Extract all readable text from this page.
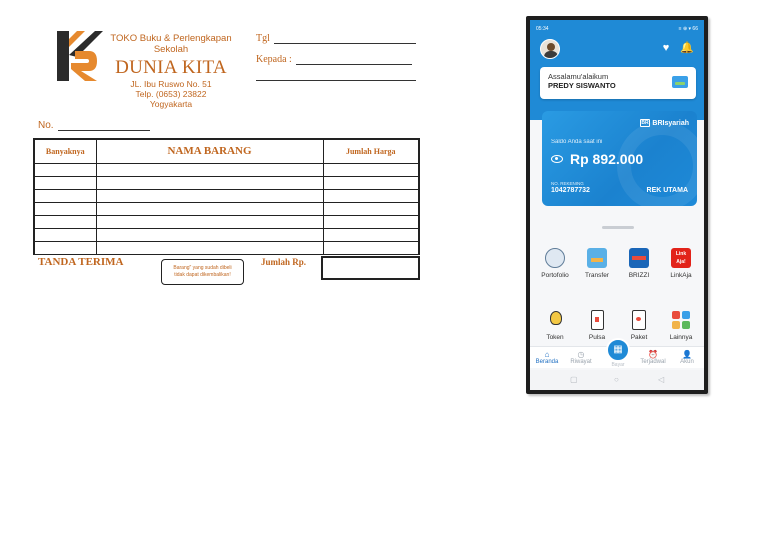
TOKO Buku & Perlengkapan
Sekolah
DUNIA KITA
JL. Ibu Ruswo No. 51
Telp. (0653) 23822
Yogyakarta
Tgl
Kepada :
No.
Banyaknya	NAMA BARANG	Jumlah Harga

TANDA TERIMA	Barang" yang sudah dibeli
tidak dapat dikembalikan!
Jumlah Rp.
05:34	≡ ⊕ ▾ 66
♥ 🔔
Assalamu'alaikum
PREDY SISWANTO
BRI BRIsyariah
Saldo Anda saat ini
Rp 892.000
NO. REKENING
1042787732	REK UTAMA
Portofolio	Transfer	BRIZZI
Link Aja!
LinkAja
Token	Pulsa	Paket	Lainnya
⌂
Beranda
◷
Riwayat
⏰
Terjadwal
👤
Akun
▦
Bayar
▢	○	◁
